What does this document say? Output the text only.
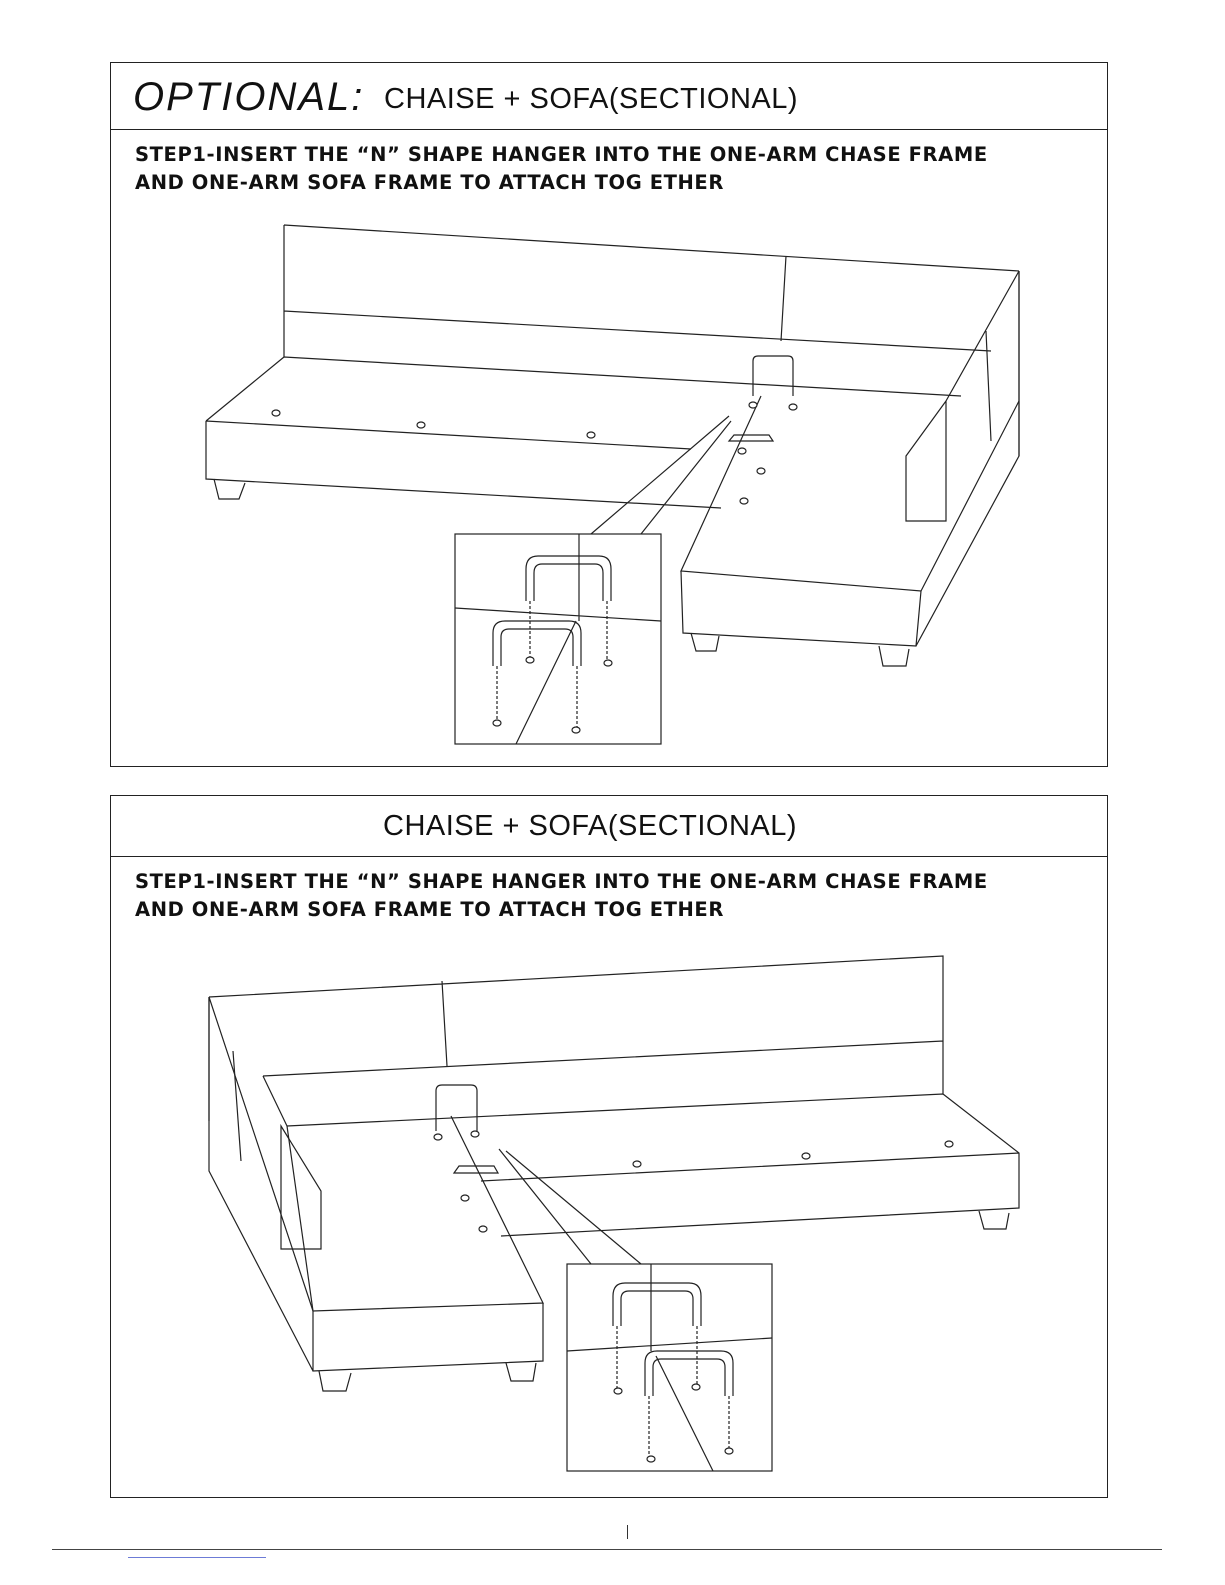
OPTIONAL: CHAISE + SOFA(SECTIONAL)
STEP1-INSERT THE “N” SHAPE HANGER INTO THE ONE-ARM CHASE FRAME
AND ONE-ARM SOFA FRAME TO ATTACH TOG ETHER
CHAISE + SOFA(SECTIONAL)
STEP1-INSERT THE “N” SHAPE HANGER INTO THE ONE-ARM CHASE FRAME
AND ONE-ARM SOFA FRAME TO ATTACH TOG ETHER
